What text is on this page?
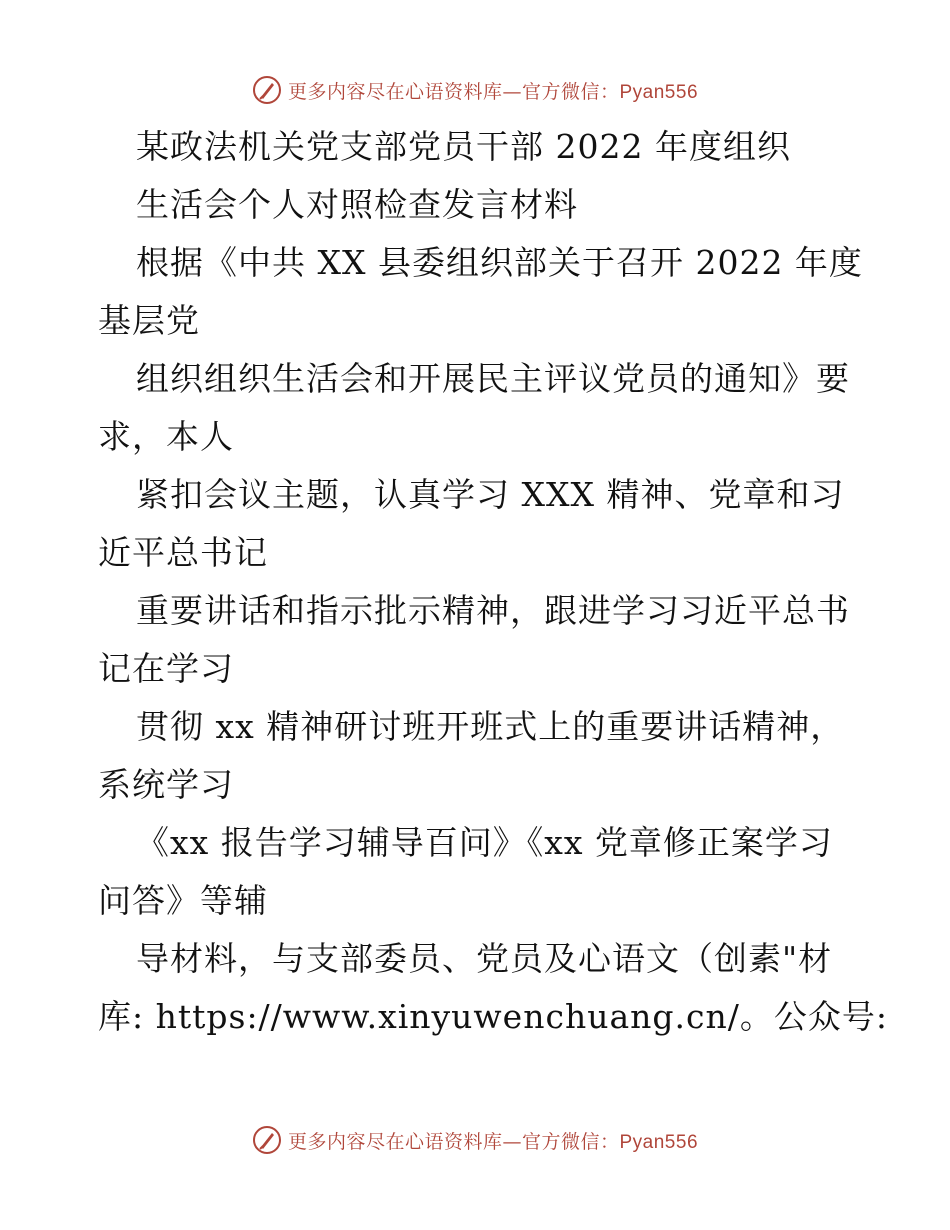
更多内容尽在心语资料库—官方微信：Pyan556
某政法机关党支部党员干部 2022 年度组织
生活会个人对照检查发言材料
根据《中共 XX 县委组织部关于召开 2022 年度
基层党
组织组织生活会和开展民主评议党员的通知》要
求，本人
紧扣会议主题，认真学习 XXX 精神、党章和习
近平总书记
重要讲话和指示批示精神，跟进学习习近平总书
记在学习
贯彻 xx 精神研讨班开班式上的重要讲话精神，
系统学习
《xx 报告学习辅导百问》《xx 党章修正案学习
问答》等辅
导材料，与支部委员、党员及心语文（创素"材
库: https://www.xinyuwenchuang.cn/。公众号:
更多内容尽在心语资料库—官方微信：Pyan556
